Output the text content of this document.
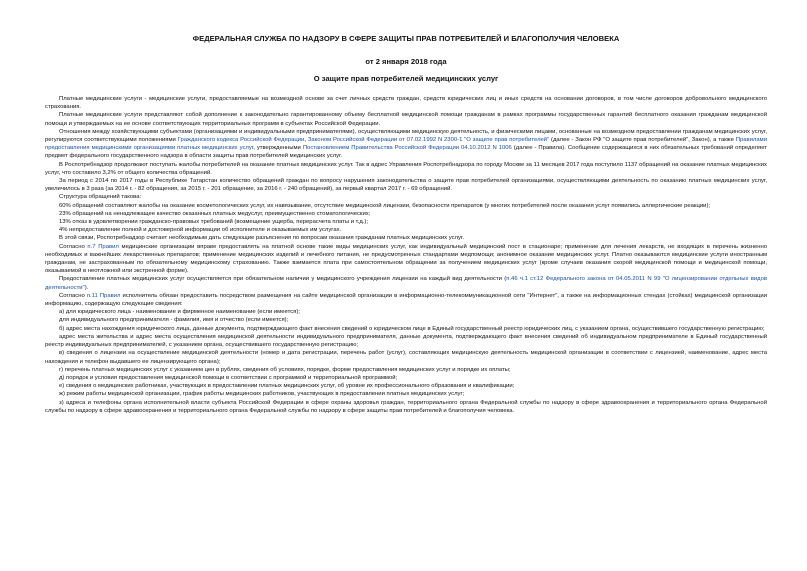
ФЕДЕРАЛЬНАЯ СЛУЖБА ПО НАДЗОРУ В СФЕРЕ ЗАЩИТЫ ПРАВ ПОТРЕБИТЕЛЕЙ И БЛАГОПОЛУЧИЯ ЧЕЛОВЕКА
от 2 января 2018 года
О защите прав потребителей медицинских услуг

Платные медицинские услуги - медицинские услуги, предоставляемые на возмездной основе за счет личных средств граждан, средств юридических лиц и иных средств на основании договоров, в том числе договоров добровольного медицинского страхования.

Платные медицинские услуги представляют собой дополнение к законодательно гарантированному объему бесплатной медицинской помощи гражданам в рамках программы государственных гарантий бесплатного оказания гражданам медицинской помощи и утверждаемых на ее основе соответствующих территориальных программ в субъектах Российской Федерации.

Отношения между хозяйствующими субъектами (организациями и индивидуальными предпринимателями), осуществляющими медицинскую деятельность, и физическими лицами, основанные на возмездном предоставлении гражданам медицинских услуг, регулируются соответствующими положениями Гражданского кодекса Российской Федерации, Законом Российской Федерации от 07.02.1992 N 2300-1 "О защите прав потребителей" (далее - Закон РФ "О защите прав потребителей", Закон), а также Правилами предоставления медицинскими организациями платных медицинских услуг, утвержденными Постановлением Правительства Российской Федерации 04.10.2012 N 1006 (далее - Правила). Сообщение содержащихся в них обязательных требований определяет предмет федерального государственного надзора в области защиты прав потребителей медицинских услуг.

В Роспотребнадзор продолжают поступать жалобы потребителей на оказание платных медицинских услуг. Так в адрес Управления Роспотребнадзора по городу Москве за 11 месяцев 2017 года поступило 1137 обращений на оказание платных медицинских услуг, что составило 3,2% от общего количества обращений.

За период с 2014 по 2017 годы в Республике Татарстан количество обращений граждан по вопросу нарушения законодательства о защите прав потребителей организациями, осуществляющими деятельность по оказанию платных медицинских услуг, увеличилось в 3 раза (за 2014 г. - 82 обращения, за 2015 г. - 201 обращение, за 2016 г. - 240 обращений), за первый квартал 2017 г. - 69 обращений.

Структура обращений такова:

60% обращений составляют жалобы на оказание косметологических услуг, их навязывание, отсутствие медицинской лицензии, безопасности препаратов (у многих потребителей после оказания услуг появились аллергические реакции);

23% обращений на ненадлежащее качество оказанных платных медуслуг, преимущественно стоматологических;

13% отказ в удовлетворении гражданско-правовых требований (возмещение ущерба, перерасчета платы и т.д.);

4% непредоставление полной и достоверной информации об исполнителе и оказываемых им услугах.

В этой связи, Роспотребнадзор считает необходимым дать следующие разъяснения по вопросам оказания гражданам платных медицинских услуг.

Согласно п.7 Правил медицинские организации вправе предоставлять на платной основе такие виды медицинских услуг, как индивидуальный медицинский пост в стационаре; применение для лечения лекарств, не входящих в перечень жизненно необходимых и важнейших лекарственных препаратов; применение медицинских изделий и лечебного питания, не предусмотренных стандартами медпомощи; анонимное оказание медицинских услуг. Платно оказываются медицинские услуги иностранным гражданам, не застрахованным по обязательному медицинскому страхованию. Также взимается плата при самостоятельном обращении за получением медицинских услуг (кроме случаев оказания скорой медицинской помощи и медицинской помощи, оказываемой в неотложной или экстренной форме).

Предоставление платных медицинских услуг осуществляется при обязательном наличии у медицинского учреждения лицензии на каждый вид деятельности (п.46 ч.1 ст.12 Федерального закона от 04.05.2011 N 99 "О лицензировании отдельных видов деятельности").

Согласно п.11 Правил исполнитель обязан предоставить посредством размещения на сайте медицинской организации в информационно-телекоммуникационной сети "Интернет", а также на информационных стендах (стойках) медицинской организации информацию, содержащую следующие сведения:

а) для юридического лица - наименование и фирменное наименование (если имеется);

для индивидуального предпринимателя - фамилия, имя и отчество (если имеется);

б) адрес места нахождения юридического лица, данные документа, подтверждающего факт внесения сведений о юридическом лице в Единый государственный реестр юридических лиц, с указанием органа, осуществившего государственную регистрацию;

адрес места жительства и адрес места осуществления медицинской деятельности индивидуального предпринимателя, данные документа, подтверждающего факт внесения сведений об индивидуальном предпринимателе в Единый государственный реестр индивидуальных предпринимателей, с указанием органа, осуществившего государственную регистрацию;

в) сведения о лицензии на осуществление медицинской деятельности (номер и дата регистрации, перечень работ (услуг), составляющих медицинскую деятельность медицинской организации в соответствии с лицензией, наименование, адрес места нахождения и телефон выдавшего ее лицензирующего органа);

г) перечень платных медицинских услуг с указанием цен в рублях, сведения об условиях, порядке, форме предоставления медицинских услуг и порядке их оплаты;

д) порядок и условия предоставления медицинской помощи в соответствии с программой и территориальной программой;

е) сведения о медицинских работниках, участвующих в предоставлении платных медицинских услуг, об уровне их профессионального образования и квалификации;

ж) режим работы медицинской организации, график работы медицинских работников, участвующих в предоставлении платных медицинских услуг;

з) адреса и телефоны органа исполнительной власти субъекта Российской Федерации в сфере охраны здоровья граждан, территориального органа Федеральной службы по надзору в сфере здравоохранения и территориального органа Федеральной службы по надзору в сфере здравоохранения и территориального органа Федеральной службы по надзору в сфере защиты прав потребителей и благополучия человека.
